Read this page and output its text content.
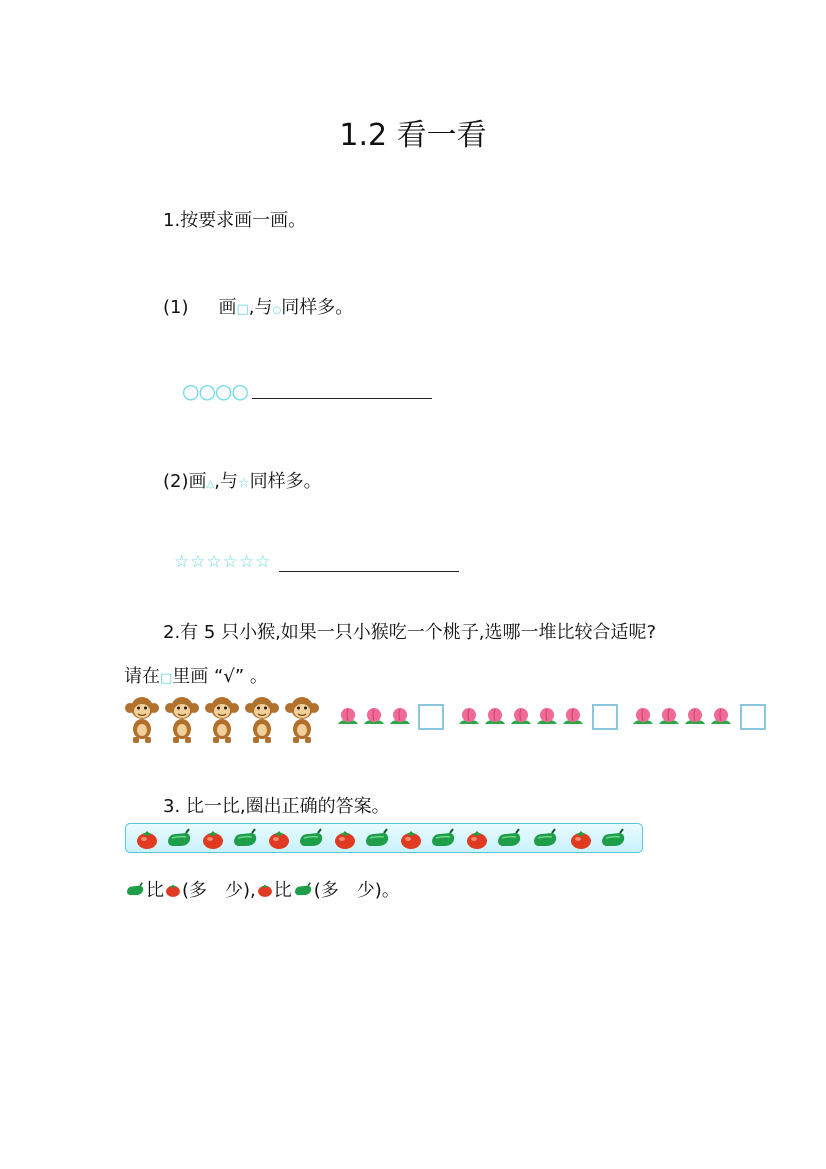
1.2 看一看
1.按要求画一画。
(1) 画□,与○同样多。
○○○○
(2)画△,与☆同样多。
☆☆☆☆☆☆
2.有 5 只小猴,如果一只小猴吃一个桃子,选哪一堆比较合适呢?
请在□里画 “√” 。
3. 比一比,圈出正确的答案。
比 (多　少), 比 (多　少)。
